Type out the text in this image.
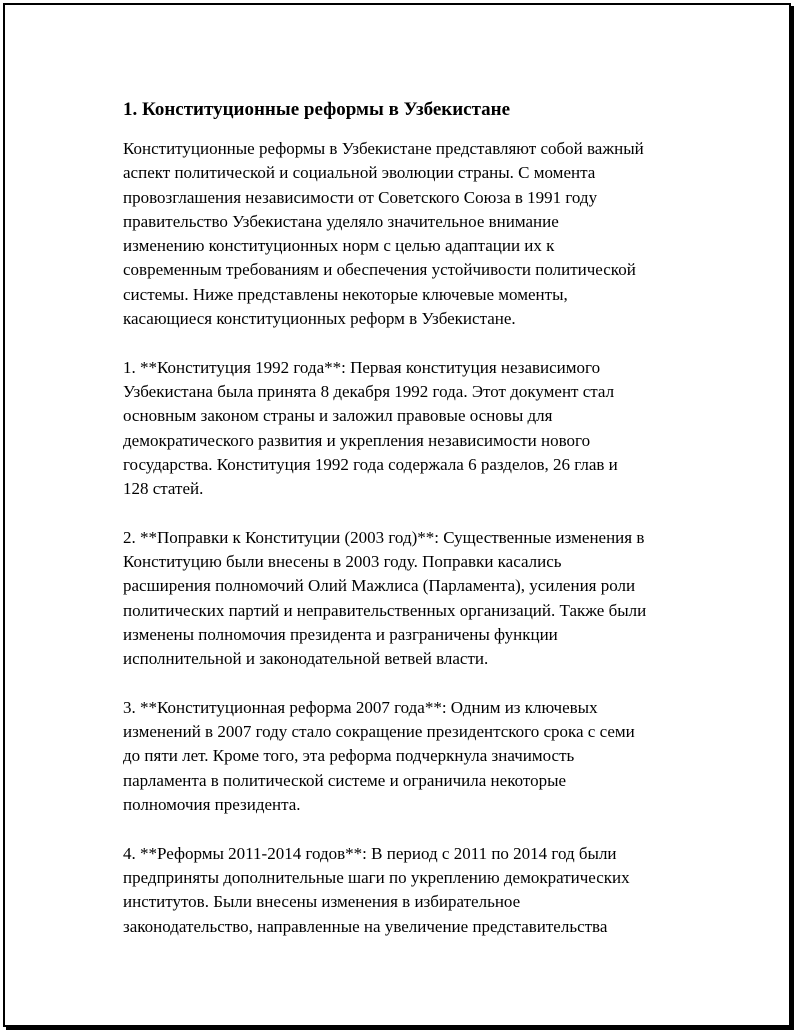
1. Конституционные реформы в Узбекистане

Конституционные реформы в Узбекистане представляют собой важный
аспект политической и социальной эволюции страны. С момента
провозглашения независимости от Советского Союза в 1991 году
правительство Узбекистана уделяло значительное внимание
изменению конституционных норм с целью адаптации их к
современным требованиям и обеспечения устойчивости политической
системы. Ниже представлены некоторые ключевые моменты,
касающиеся конституционных реформ в Узбекистане.

1. **Конституция 1992 года**: Первая конституция независимого
Узбекистана была принята 8 декабря 1992 года. Этот документ стал
основным законом страны и заложил правовые основы для
демократического развития и укрепления независимости нового
государства. Конституция 1992 года содержала 6 разделов, 26 глав и
128 статей.

2. **Поправки к Конституции (2003 год)**: Существенные изменения в
Конституцию были внесены в 2003 году. Поправки касались
расширения полномочий Олий Мажлиса (Парламента), усиления роли
политических партий и неправительственных организаций. Также были
изменены полномочия президента и разграничены функции
исполнительной и законодательной ветвей власти.

3. **Конституционная реформа 2007 года**: Одним из ключевых
изменений в 2007 году стало сокращение президентского срока с семи
до пяти лет. Кроме того, эта реформа подчеркнула значимость
парламента в политической системе и ограничила некоторые
полномочия президента.

4. **Реформы 2011-2014 годов**: В период с 2011 по 2014 год были
предприняты дополнительные шаги по укреплению демократических
институтов. Были внесены изменения в избирательное
законодательство, направленные на увеличение представительства
